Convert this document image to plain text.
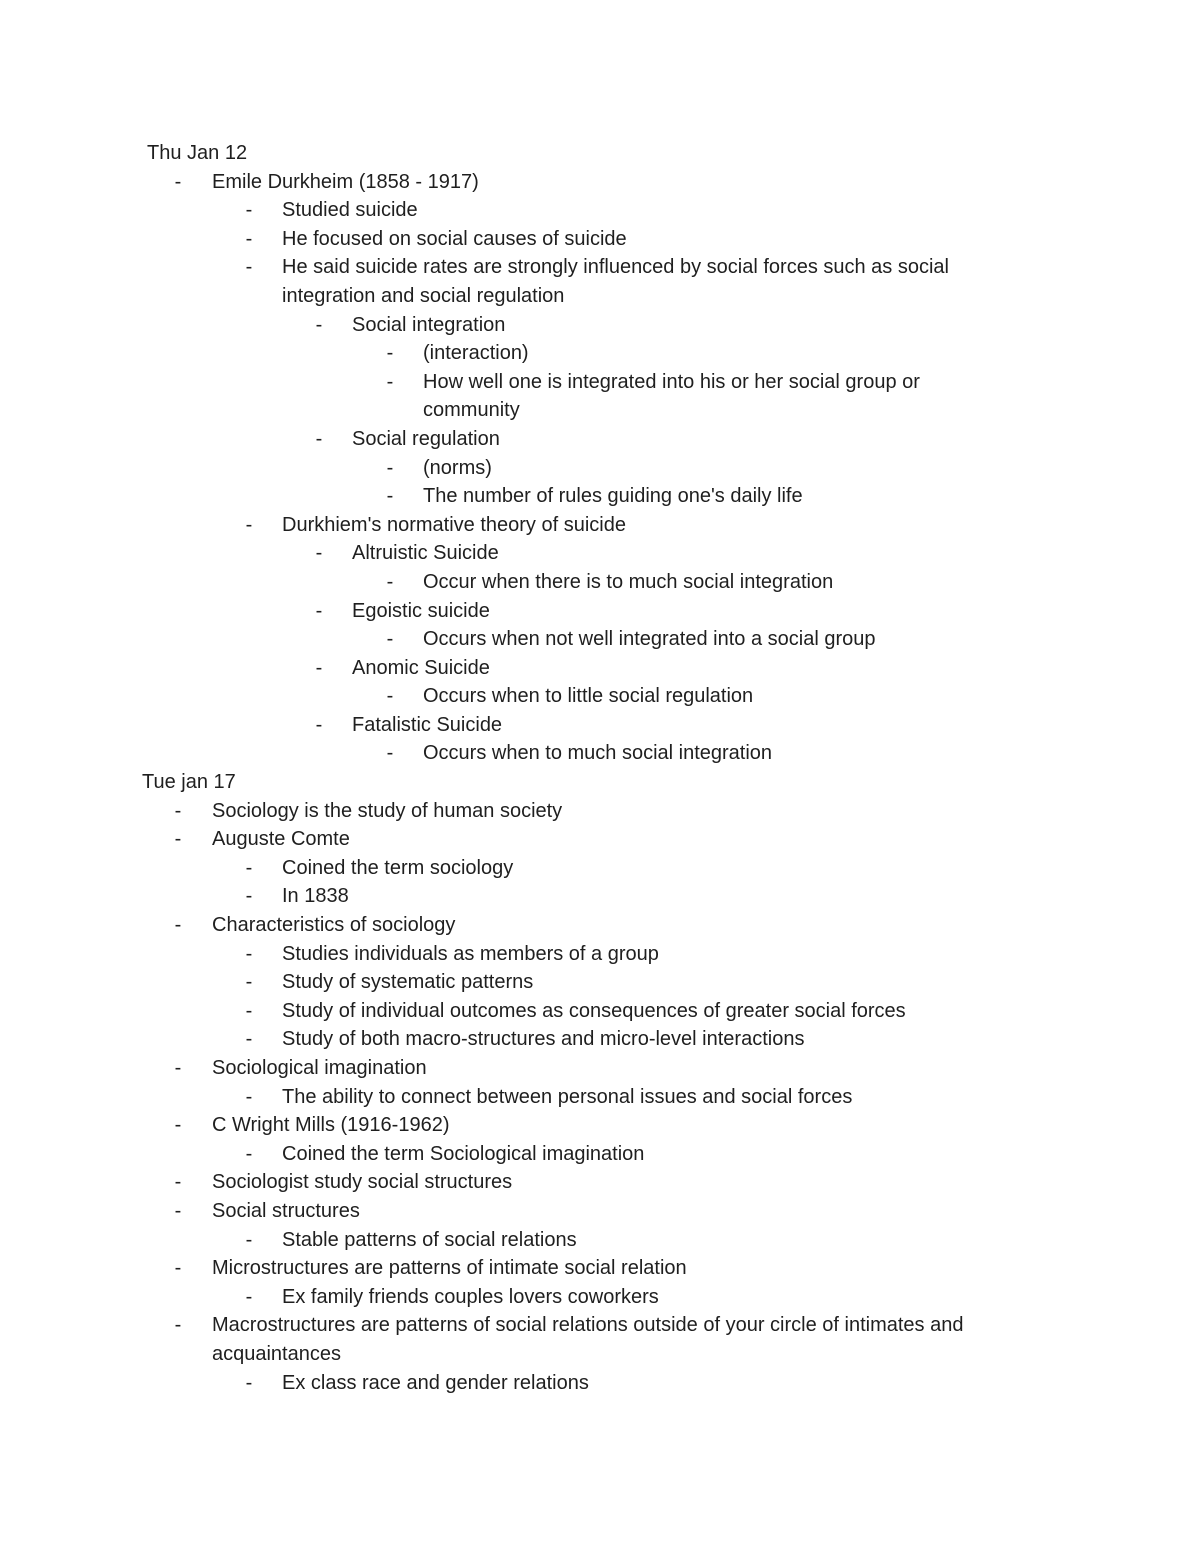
Thu Jan 12
- Emile Durkheim (1858 - 1917)
- Studied suicide
- He focused on social causes of suicide
- He said suicide rates are strongly influenced by social forces such as social
integration and social regulation
- Social integration
- (interaction)
- How well one is integrated into his or her social group or
community
- Social regulation
- (norms)
- The number of rules guiding one's daily life
- Durkhiem's normative theory of suicide
- Altruistic Suicide
- Occur when there is to much social integration
- Egoistic suicide
- Occurs when not well integrated into a social group
- Anomic Suicide
- Occurs when to little social regulation
- Fatalistic Suicide
- Occurs when to much social integration
Tue jan 17
- Sociology is the study of human society
- Auguste Comte
- Coined the term sociology
- In 1838
- Characteristics of sociology
- Studies individuals as members of a group
- Study of systematic patterns
- Study of individual outcomes as consequences of greater social forces
- Study of both macro-structures and micro-level interactions
- Sociological imagination
- The ability to connect between personal issues and social forces
- C Wright Mills (1916-1962)
- Coined the term Sociological imagination
- Sociologist study social structures
- Social structures
- Stable patterns of social relations
- Microstructures are patterns of intimate social relation
- Ex family friends couples lovers coworkers
- Macrostructures are patterns of social relations outside of your circle of intimates and
acquaintances
- Ex class race and gender relations
